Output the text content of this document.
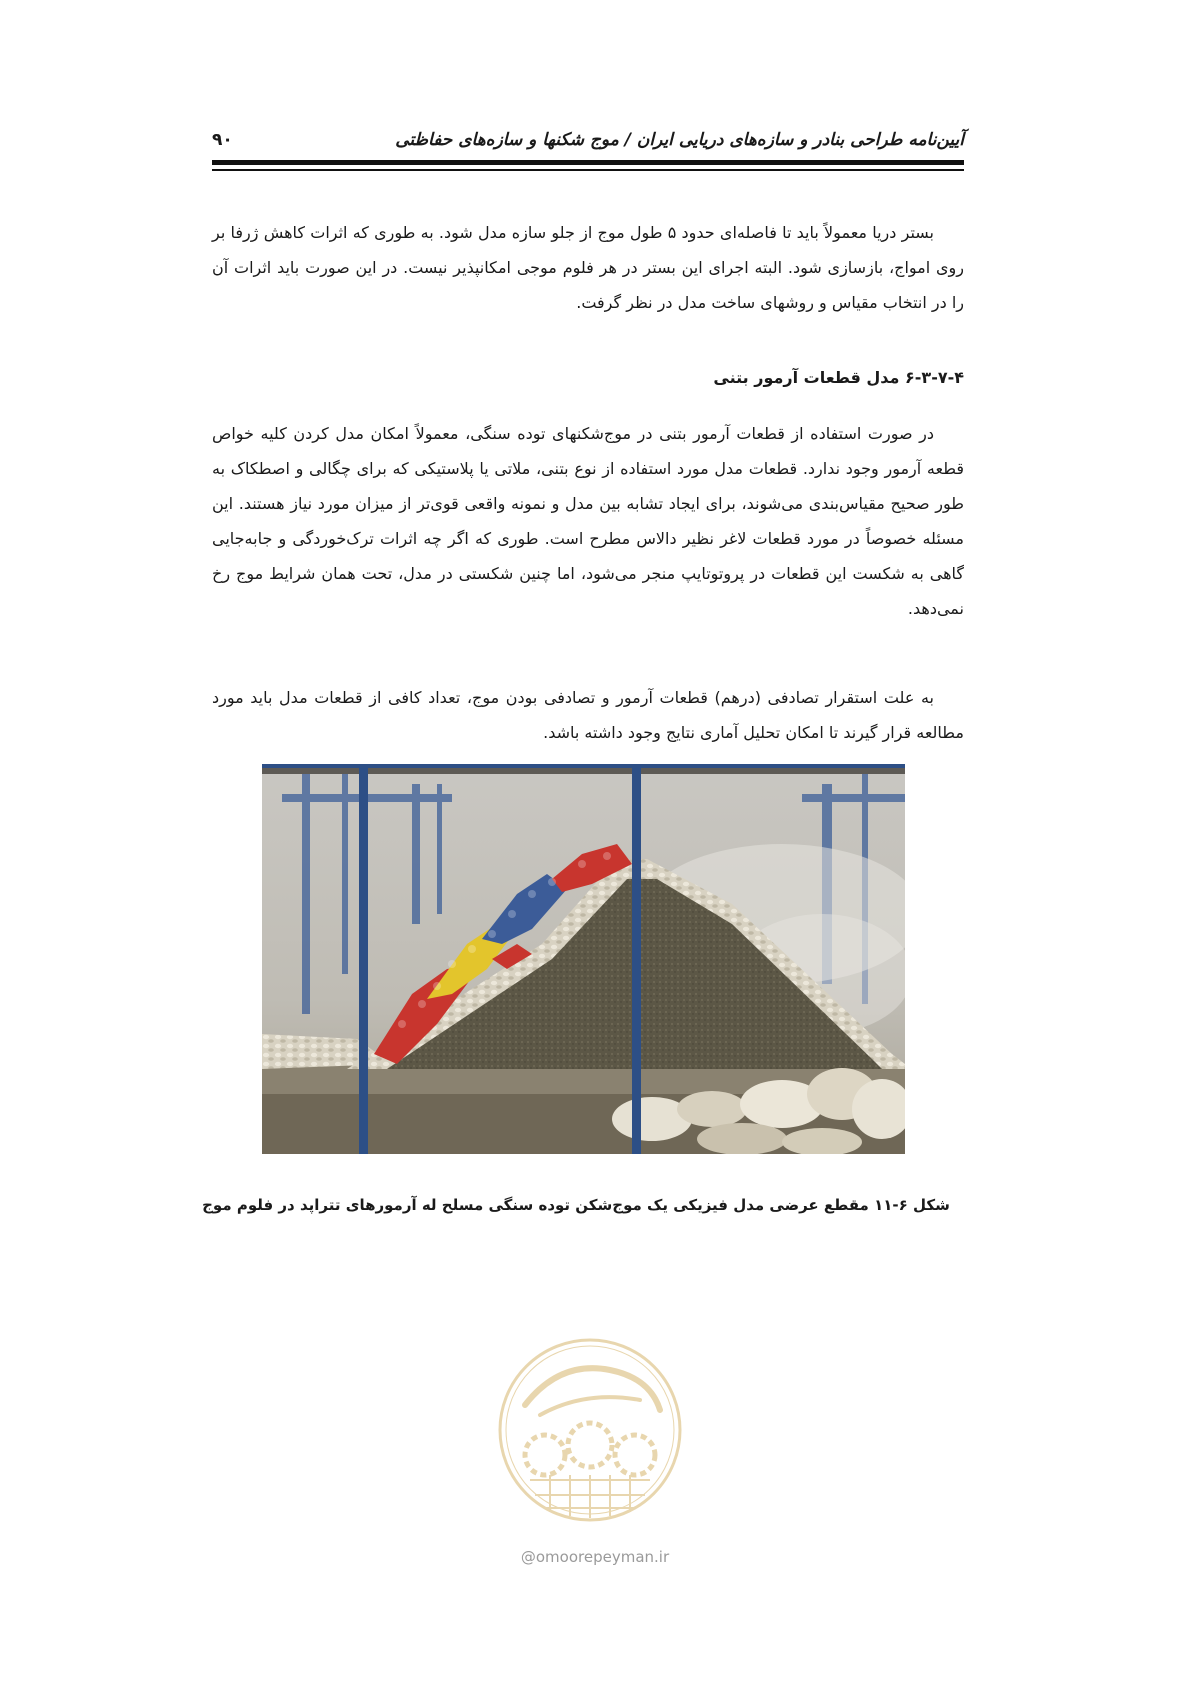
آیین‌نامه طراحی بنادر و سازه‌های دریایی ایران / موج شکنها و سازه‌های حفاظتی
۹۰

بستر دریا معمولاً باید تا فاصله‌ای حدود ۵ طول موج از جلو سازه مدل شود. به طوری که اثرات کاهش ژرفا بر روی امواج، بازسازی شود. البته اجرای این بستر در هر فلوم موجی امکانپذیر نیست. در این صورت باید اثرات آن را در انتخاب مقیاس و روشهای ساخت مدل در نظر گرفت.

۶-۳-۷-۴ مدل قطعات آرمور بتنی

در صورت استفاده از قطعات آرمور بتنی در موج‌شکنهای توده سنگی، معمولاً امکان مدل کردن کلیه خواص قطعه آرمور وجود ندارد. قطعات مدل مورد استفاده از نوع بتنی، ملاتی یا پلاستیکی که برای چگالی و اصطکاک به طور صحیح مقیاس‌بندی می‌شوند، برای ایجاد تشابه بین مدل و نمونه واقعی قوی‌تر از میزان مورد نیاز هستند. این مسئله خصوصاً در مورد قطعات لاغر نظیر دالاس مطرح است. طوری که اگر چه اثرات ترک‌خوردگی و جابه‌جایی گاهی به شکست این قطعات در پروتوتایپ منجر می‌شود، اما چنین شکستی در مدل، تحت همان شرایط موج رخ نمی‌دهد.

به علت استقرار تصادفی (درهم) قطعات آرمور و تصادفی بودن موج، تعداد کافی از قطعات مدل باید مورد مطالعه قرار گیرند تا امکان تحلیل آماری نتایج وجود داشته باشد.

شکل ۶-۱۱ مقطع عرضی مدل فیزیکی یک موج‌شکن توده سنگی مسلح له آرمورهای تتراپد در فلوم موج
@omoorepeyman.ir
